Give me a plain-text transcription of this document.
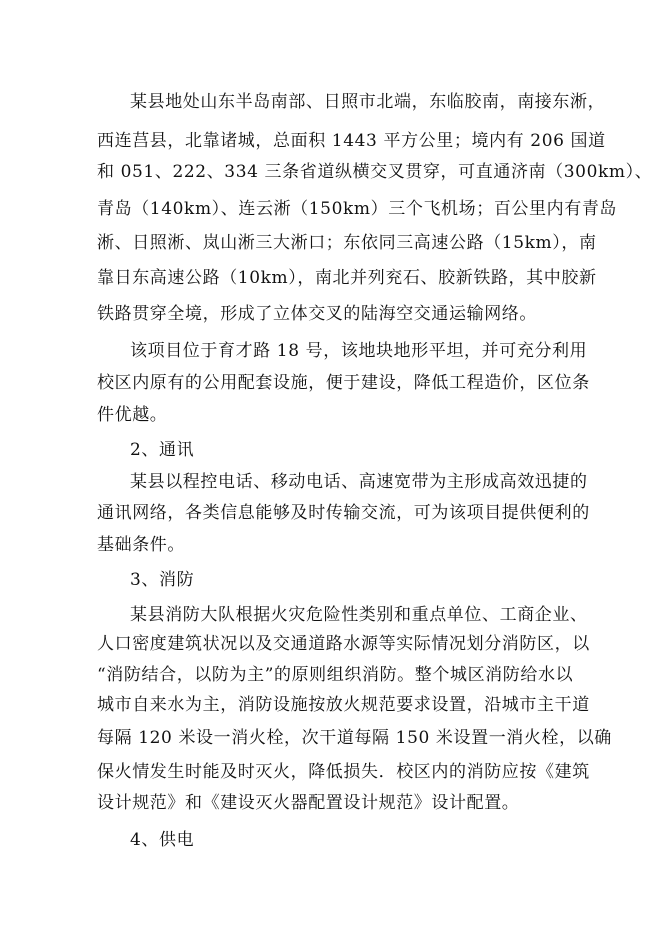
某县地处山东半岛南部、日照市北端，东临胶南，南接东淅，
西连莒县，北靠诸城，总面积 1443 平方公里；境内有 206 国道
和 051、222、334 三条省道纵横交叉贯穿，可直通济南（300km）、
青岛（140km）、连云淅（150km）三个飞机场；百公里内有青岛
淅、日照淅、岚山淅三大淅口；东依同三高速公路（15km），南
靠日东高速公路（10km），南北并列兖石、胶新铁路，其中胶新
铁路贯穿全境，形成了立体交叉的陆海空交通运输网络。
该项目位于育才路 18 号，该地块地形平坦，并可充分利用
校区内原有的公用配套设施，便于建设，降低工程造价，区位条
件优越。
2、通讯
某县以程控电话、移动电话、高速宽带为主形成高效迅捷的
通讯网络，各类信息能够及时传输交流，可为该项目提供便利的
基础条件。
3、消防
某县消防大队根据火灾危险性类别和重点单位、工商企业、
人口密度建筑状况以及交通道路水源等实际情况划分消防区，以
“消防结合，以防为主”的原则组织消防。整个城区消防给水以
城市自来水为主，消防设施按放火规范要求设置，沿城市主干道
每隔 120 米设一消火栓，次干道每隔 150 米设置一消火栓，以确
保火情发生时能及时灭火，降低损失．校区内的消防应按《建筑
设计规范》和《建设灭火器配置设计规范》设计配置。
4、供电
